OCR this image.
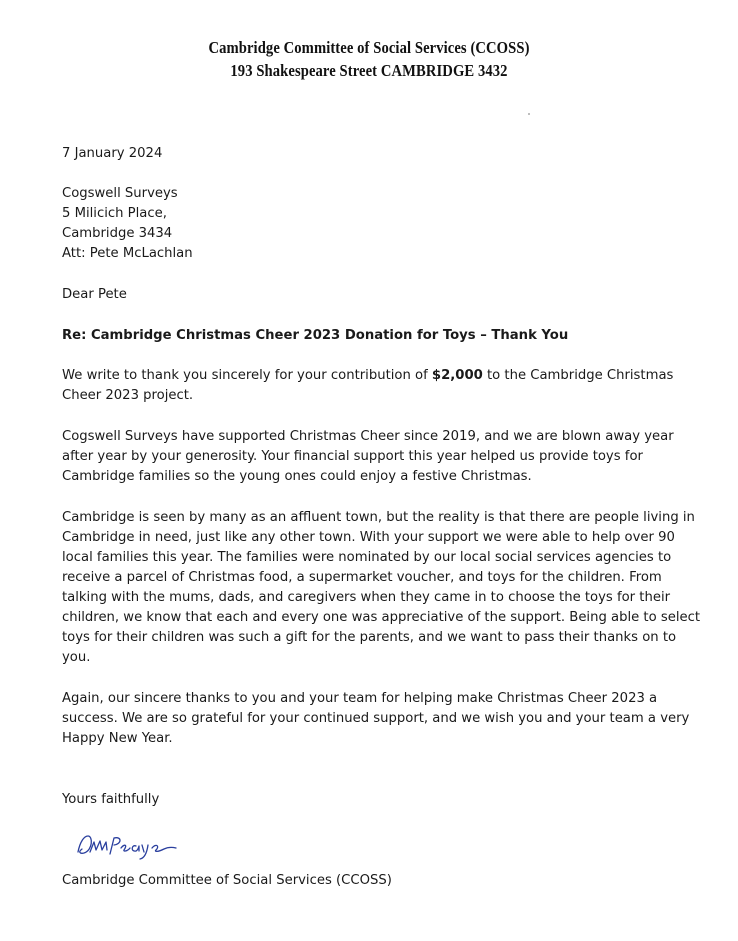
Cambridge Committee of Social Services (CCOSS)
193 Shakespeare Street CAMBRIDGE 3432
7 January 2024
Cogswell Surveys
5 Milicich Place,
Cambridge 3434
Att: Pete McLachlan
Dear Pete
Re: Cambridge Christmas Cheer 2023 Donation for Toys – Thank You
We write to thank you sincerely for your contribution of $2,000 to the Cambridge Christmas Cheer 2023 project.
Cogswell Surveys have supported Christmas Cheer since 2019, and we are blown away year after year by your generosity. Your financial support this year helped us provide toys for Cambridge families so the young ones could enjoy a festive Christmas.
Cambridge is seen by many as an affluent town, but the reality is that there are people living in Cambridge in need, just like any other town. With your support we were able to help over 90 local families this year. The families were nominated by our local social services agencies to receive a parcel of Christmas food, a supermarket voucher, and toys for the children. From talking with the mums, dads, and caregivers when they came in to choose the toys for their children, we know that each and every one was appreciative of the support. Being able to select toys for their children was such a gift for the parents, and we want to pass their thanks on to you.
Again, our sincere thanks to you and your team for helping make Christmas Cheer 2023 a success. We are so grateful for your continued support, and we wish you and your team a very Happy New Year.
Yours faithfully
Cambridge Committee of Social Services (CCOSS)
